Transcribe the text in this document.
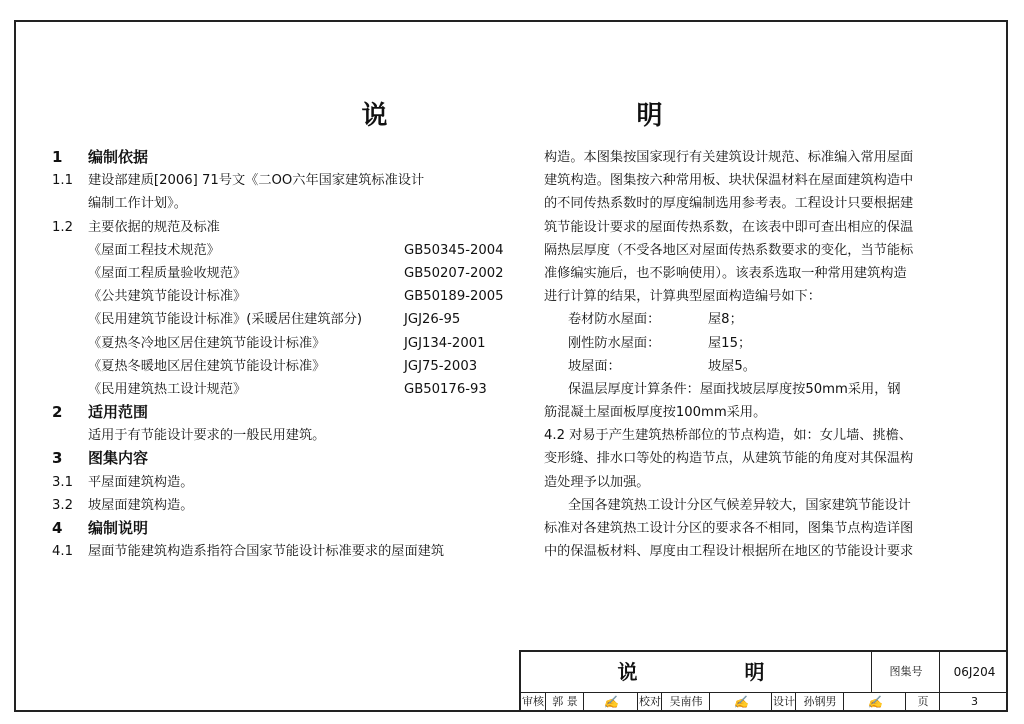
说 明
1 编制依据
1.1 建设部建质[2006] 71号文《二OO六年国家建筑标准设计
编制工作计划》。
1.2 主要依据的规范及标准
《屋面工程技术规范》	GB50345-2004
《屋面工程质量验收规范》	GB50207-2002
《公共建筑节能设计标准》	GB50189-2005
《民用建筑节能设计标准》(采暖居住建筑部分)	JGJ26-95
《夏热冬冷地区居住建筑节能设计标准》	JGJ134-2001
《夏热冬暖地区居住建筑节能设计标准》	JGJ75-2003
《民用建筑热工设计规范》	GB50176-93
2 适用范围
适用于有节能设计要求的一般民用建筑。
3 图集内容
3.1 平屋面建筑构造。
3.2 坡屋面建筑构造。
4 编制说明
4.1 屋面节能建筑构造系指符合国家节能设计标准要求的屋面建筑
构造。本图集按国家现行有关建筑设计规范、标准编入常用屋面
建筑构造。图集按六种常用板、块状保温材料在屋面建筑构造中
的不同传热系数时的厚度编制选用参考表。工程设计只要根据建
筑节能设计要求的屋面传热系数，在该表中即可查出相应的保温
隔热层厚度（不受各地区对屋面传热系数要求的变化，当节能标
准修编实施后，也不影响使用）。该表系选取一种常用建筑构造
进行计算的结果，计算典型屋面构造编号如下：
卷材防水屋面：	屋8；
刚性防水屋面：	屋15；
坡屋面：	坡屋5。
保温层厚度计算条件：屋面找坡层厚度按50mm采用，钢
筋混凝土屋面板厚度按100mm采用。
4.2 对易于产生建筑热桥部位的节点构造，如：女儿墙、挑檐、
变形缝、排水口等处的构造节点，从建筑节能的角度对其保温构
造处理予以加强。
全国各建筑热工设计分区气候差异较大，国家建筑节能设计
标准对各建筑热工设计分区的要求各不相同，图集节点构造详图
中的保温板材料、厚度由工程设计根据所在地区的节能设计要求
说 明	图集号	06J204
审核 郭 景	✍	校对 吴南伟	✍	设计 孙钢男	✍	页	3
